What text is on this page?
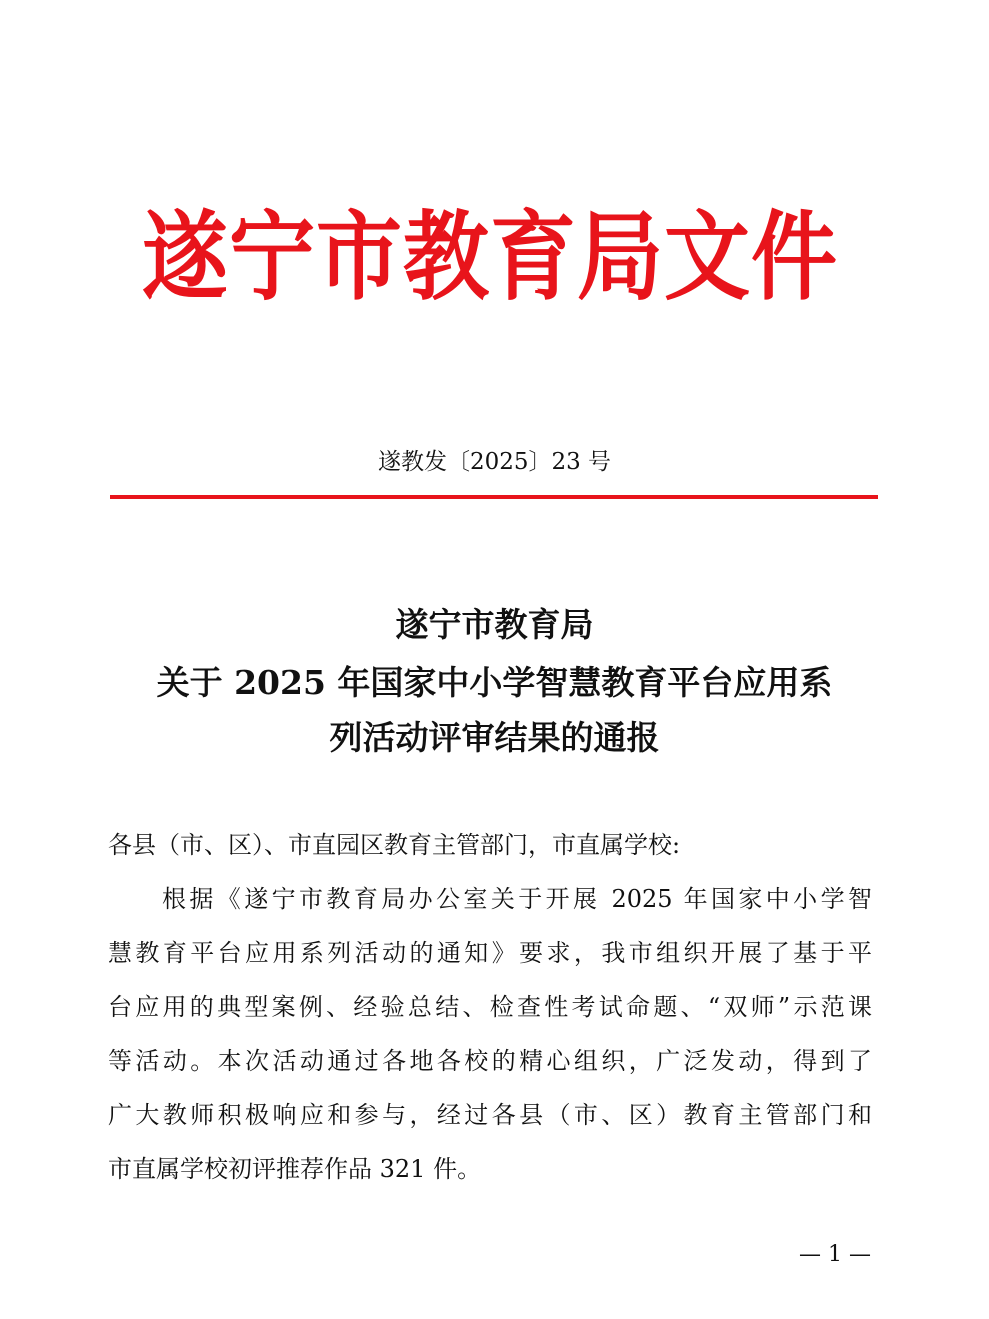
遂宁市教育局文件
遂教发〔2025〕23 号
遂宁市教育局
关于 2025 年国家中小学智慧教育平台应用系
列活动评审结果的通报
各县（市、区）、市直园区教育主管部门，市直属学校:
根据《遂宁市教育局办公室关于开展 2025 年国家中小学智
慧教育平台应用系列活动的通知》要求，我市组织开展了基于平
台应用的典型案例、经验总结、检查性考试命题、“双师”示范课
等活动。本次活动通过各地各校的精心组织，广泛发动，得到了
广大教师积极响应和参与，经过各县（市、区）教育主管部门和
市直属学校初评推荐作品 321 件。
— 1 —
